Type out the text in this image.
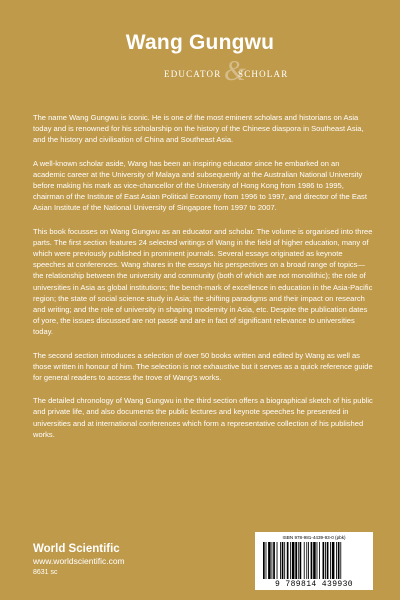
Wang Gungwu
EDUCATOR &
SCHOLAR

The name Wang Gungwu is iconic. He is one of the most eminent scholars and historians on Asia today and is renowned for his scholarship on the history of the Chinese diaspora in Southeast Asia, and the history and civilisation of China and Southeast Asia.

A well-known scholar aside, Wang has been an inspiring educator since he embarked on an academic career at the University of Malaya and subsequently at the Australian National University before making his mark as vice-chancellor of the University of Hong Kong from 1986 to 1995, chairman of the Institute of East Asian Political Economy from 1996 to 1997, and director of the East Asian Institute of the National University of Singapore from 1997 to 2007.

This book focusses on Wang Gungwu as an educator and scholar. The volume is organised into three parts. The first section features 24 selected writings of Wang in the field of higher education, many of which were previously published in prominent journals. Several essays originated as keynote speeches at conferences. Wang shares in the essays his perspectives on a broad range of topics—the relationship between the university and community (both of which are not monolithic); the role of universities in Asia as global institutions; the bench-mark of excellence in education in the Asia-Pacific region; the state of social science study in Asia; the shifting paradigms and their impact on research and writing; and the role of university in shaping modernity in Asia, etc. Despite the publication dates of yore, the issues discussed are not passé and are in fact of significant relevance to universities today.

The second section introduces a selection of over 50 books written and edited by Wang as well as those written in honour of him. The selection is not exhaustive but it serves as a quick reference guide for general readers to access the trove of Wang’s works.

The detailed chronology of Wang Gungwu in the third section offers a biographical sketch of his public and private life, and also documents the public lectures and keynote speeches he presented in universities and at international conferences which form a representative collection of his published works.

World Scientific
www.worldscientific.com
8631 sc
ISBN 978-981-4439-93-0 (pbk)
9 789814 439930
